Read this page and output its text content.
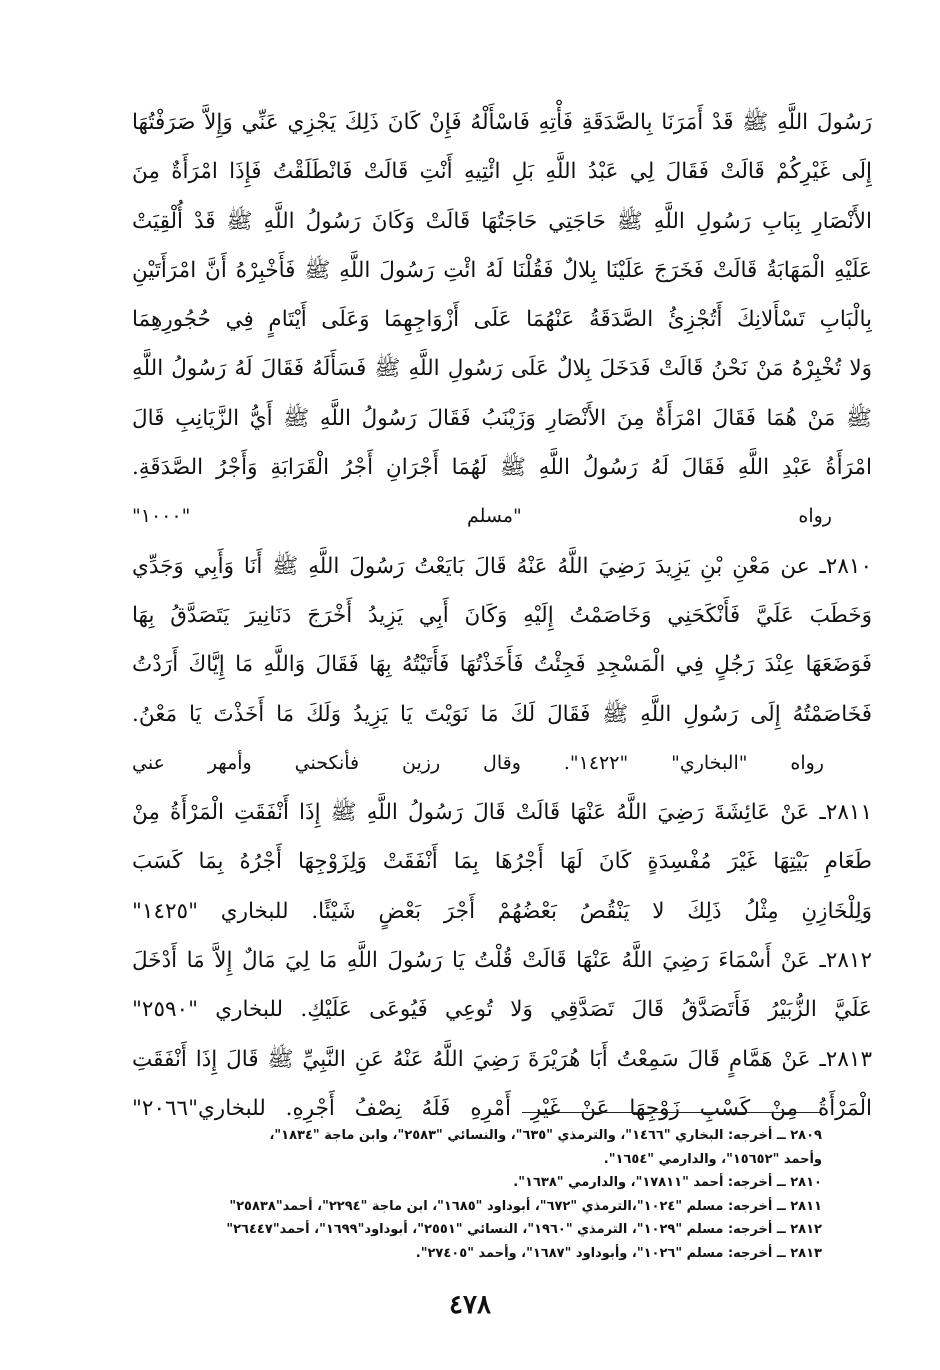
رَسُولَ اللَّهِ ﷺ قَدْ أَمَرَنَا بِالصَّدَقَةِ فَأْتِهِ فَاسْأَلْهُ فَإِنْ كَانَ ذَلِكَ يَجْزِي عَنِّي وَإِلاَّ صَرَفْتُهَا
إِلَى غَيْرِكُمْ قَالَتْ فَقَالَ لِي عَبْدُ اللَّهِ بَلِ ائْتِيهِ أَنْتِ قَالَتْ فَانْطَلَقْتُ فَإِذَا امْرَأَةٌ مِنَ
الأَنْصَارِ بِبَابِ رَسُولِ اللَّهِ ﷺ حَاجَتِي حَاجَتُهَا قَالَتْ وَكَانَ رَسُولُ اللَّهِ ﷺ قَدْ أُلْقِيَتْ
عَلَيْهِ الْمَهَابَةُ قَالَتْ فَخَرَجَ عَلَيْنَا بِلالٌ فَقُلْنَا لَهُ ائْتِ رَسُولَ اللَّهِ ﷺ فَأَخْبِرْهُ أَنَّ امْرَأَتَيْنِ
بِالْبَابِ تَسْأَلانِكَ أَتُجْزِئُ الصَّدَقَةُ عَنْهُمَا عَلَى أَزْوَاجِهِمَا وَعَلَى أَيْتَامٍ فِي حُجُورِهِمَا
وَلا تُخْبِرْهُ مَنْ نَحْنُ قَالَتْ فَدَخَلَ بِلالٌ عَلَى رَسُولِ اللَّهِ ﷺ فَسَأَلَهُ فَقَالَ لَهُ رَسُولُ اللَّهِ
ﷺ مَنْ هُمَا فَقَالَ امْرَأَةٌ مِنَ الأَنْصَارِ وَزَيْنَبُ فَقَالَ رَسُولُ اللَّهِ ﷺ أَيُّ الزَّيَانِبِ قَالَ
امْرَأَةُ عَبْدِ اللَّهِ فَقَالَ لَهُ رَسُولُ اللَّهِ ﷺ لَهُمَا أَجْرَانِ أَجْرُ الْقَرَابَةِ وَأَجْرُ الصَّدَقَةِ.
رواه "مسلم "١٠٠٠"
٢٨١٠ـ عن مَعْنِ بْنِ يَزِيدَ رَضِيَ اللَّهُ عَنْهُ قَالَ بَايَعْتُ رَسُولَ اللَّهِ ﷺ أَنَا وَأَبِي وَجَدِّي
وَخَطَبَ عَلَيَّ فَأَنْكَحَنِي وَخَاصَمْتُ إِلَيْهِ وَكَانَ أَبِي يَزِيدُ أَخْرَجَ دَنَانِيرَ يَتَصَدَّقُ بِهَا
فَوَضَعَهَا عِنْدَ رَجُلٍ فِي الْمَسْجِدِ فَجِئْتُ فَأَخَذْتُهَا فَأَتَيْتُهُ بِهَا فَقَالَ وَاللَّهِ مَا إِيَّاكَ أَرَدْتُ
فَخَاصَمْتُهُ إِلَى رَسُولِ اللَّهِ ﷺ فَقَالَ لَكَ مَا نَوَيْتَ يَا يَزِيدُ وَلَكَ مَا أَخَذْتَ يَا مَعْنُ.
رواه "البخاري" "١٤٢٢". وقال رزين فأنكحني وأمهر عني
٢٨١١ـ عَنْ عَائِشَةَ رَضِيَ اللَّهُ عَنْهَا قَالَتْ قَالَ رَسُولُ اللَّهِ ﷺ إِذَا أَنْفَقَتِ الْمَرْأَةُ مِنْ
طَعَامِ بَيْتِهَا غَيْرَ مُفْسِدَةٍ كَانَ لَهَا أَجْرُهَا بِمَا أَنْفَقَتْ وَلِزَوْجِهَا أَجْرُهُ بِمَا كَسَبَ
وَلِلْخَازِنِ مِثْلُ ذَلِكَ لا يَنْقُصُ بَعْضُهُمْ أَجْرَ بَعْضٍ شَيْئًا. للبخاري "١٤٢٥"
٢٨١٢ـ عَنْ أَسْمَاءَ رَضِيَ اللَّهُ عَنْهَا قَالَتْ قُلْتُ يَا رَسُولَ اللَّهِ مَا لِيَ مَالٌ إِلاَّ مَا أَدْخَلَ
عَلَيَّ الزُّبَيْرُ فَأَتَصَدَّقُ قَالَ تَصَدَّقِي وَلا تُوعِي فَيُوعَى عَلَيْكِ. للبخاري "٢٥٩٠"
٢٨١٣ـ عَنْ هَمَّامٍ قَالَ سَمِعْتُ أَبَا هُرَيْرَةَ رَضِيَ اللَّهُ عَنْهُ عَنِ النَّبِيِّ ﷺ قَالَ إِذَا أَنْفَقَتِ
الْمَرْأَةُ مِنْ كَسْبِ زَوْجِهَا عَنْ غَيْرِ أَمْرِهِ فَلَهُ نِصْفُ أَجْرِهِ. للبخاري"٢٠٦٦"
٢٨٠٩ ــ أخرجه: البخاري "١٤٦٦"، والترمذي "٦٣٥"، والنسائي "٢٥٨٣"، وابن ماجة "١٨٣٤"،
وأحمد "١٥٦٥٢"، والدارمي "١٦٥٤".
٢٨١٠ ــ أخرجه: أحمد "١٧٨١١"، والدارمي "١٦٣٨".
٢٨١١ ــ أخرجه: مسلم "١٠٢٤"،الترمذي "٦٧٢"، أبوداود "١٦٨٥"، ابن ماجة "٢٢٩٤"، أحمد"٢٥٨٣٨"
٢٨١٢ ــ أخرجه: مسلم "١٠٢٩"، الترمذي "١٩٦٠"، النسائي "٢٥٥١"، أبوداود"١٦٩٩"، أحمد"٢٦٤٤٧"
٢٨١٣ ــ أخرجه: مسلم "١٠٢٦"، وأبوداود "١٦٨٧"، وأحمد "٢٧٤٠٥".
٤٧٨
